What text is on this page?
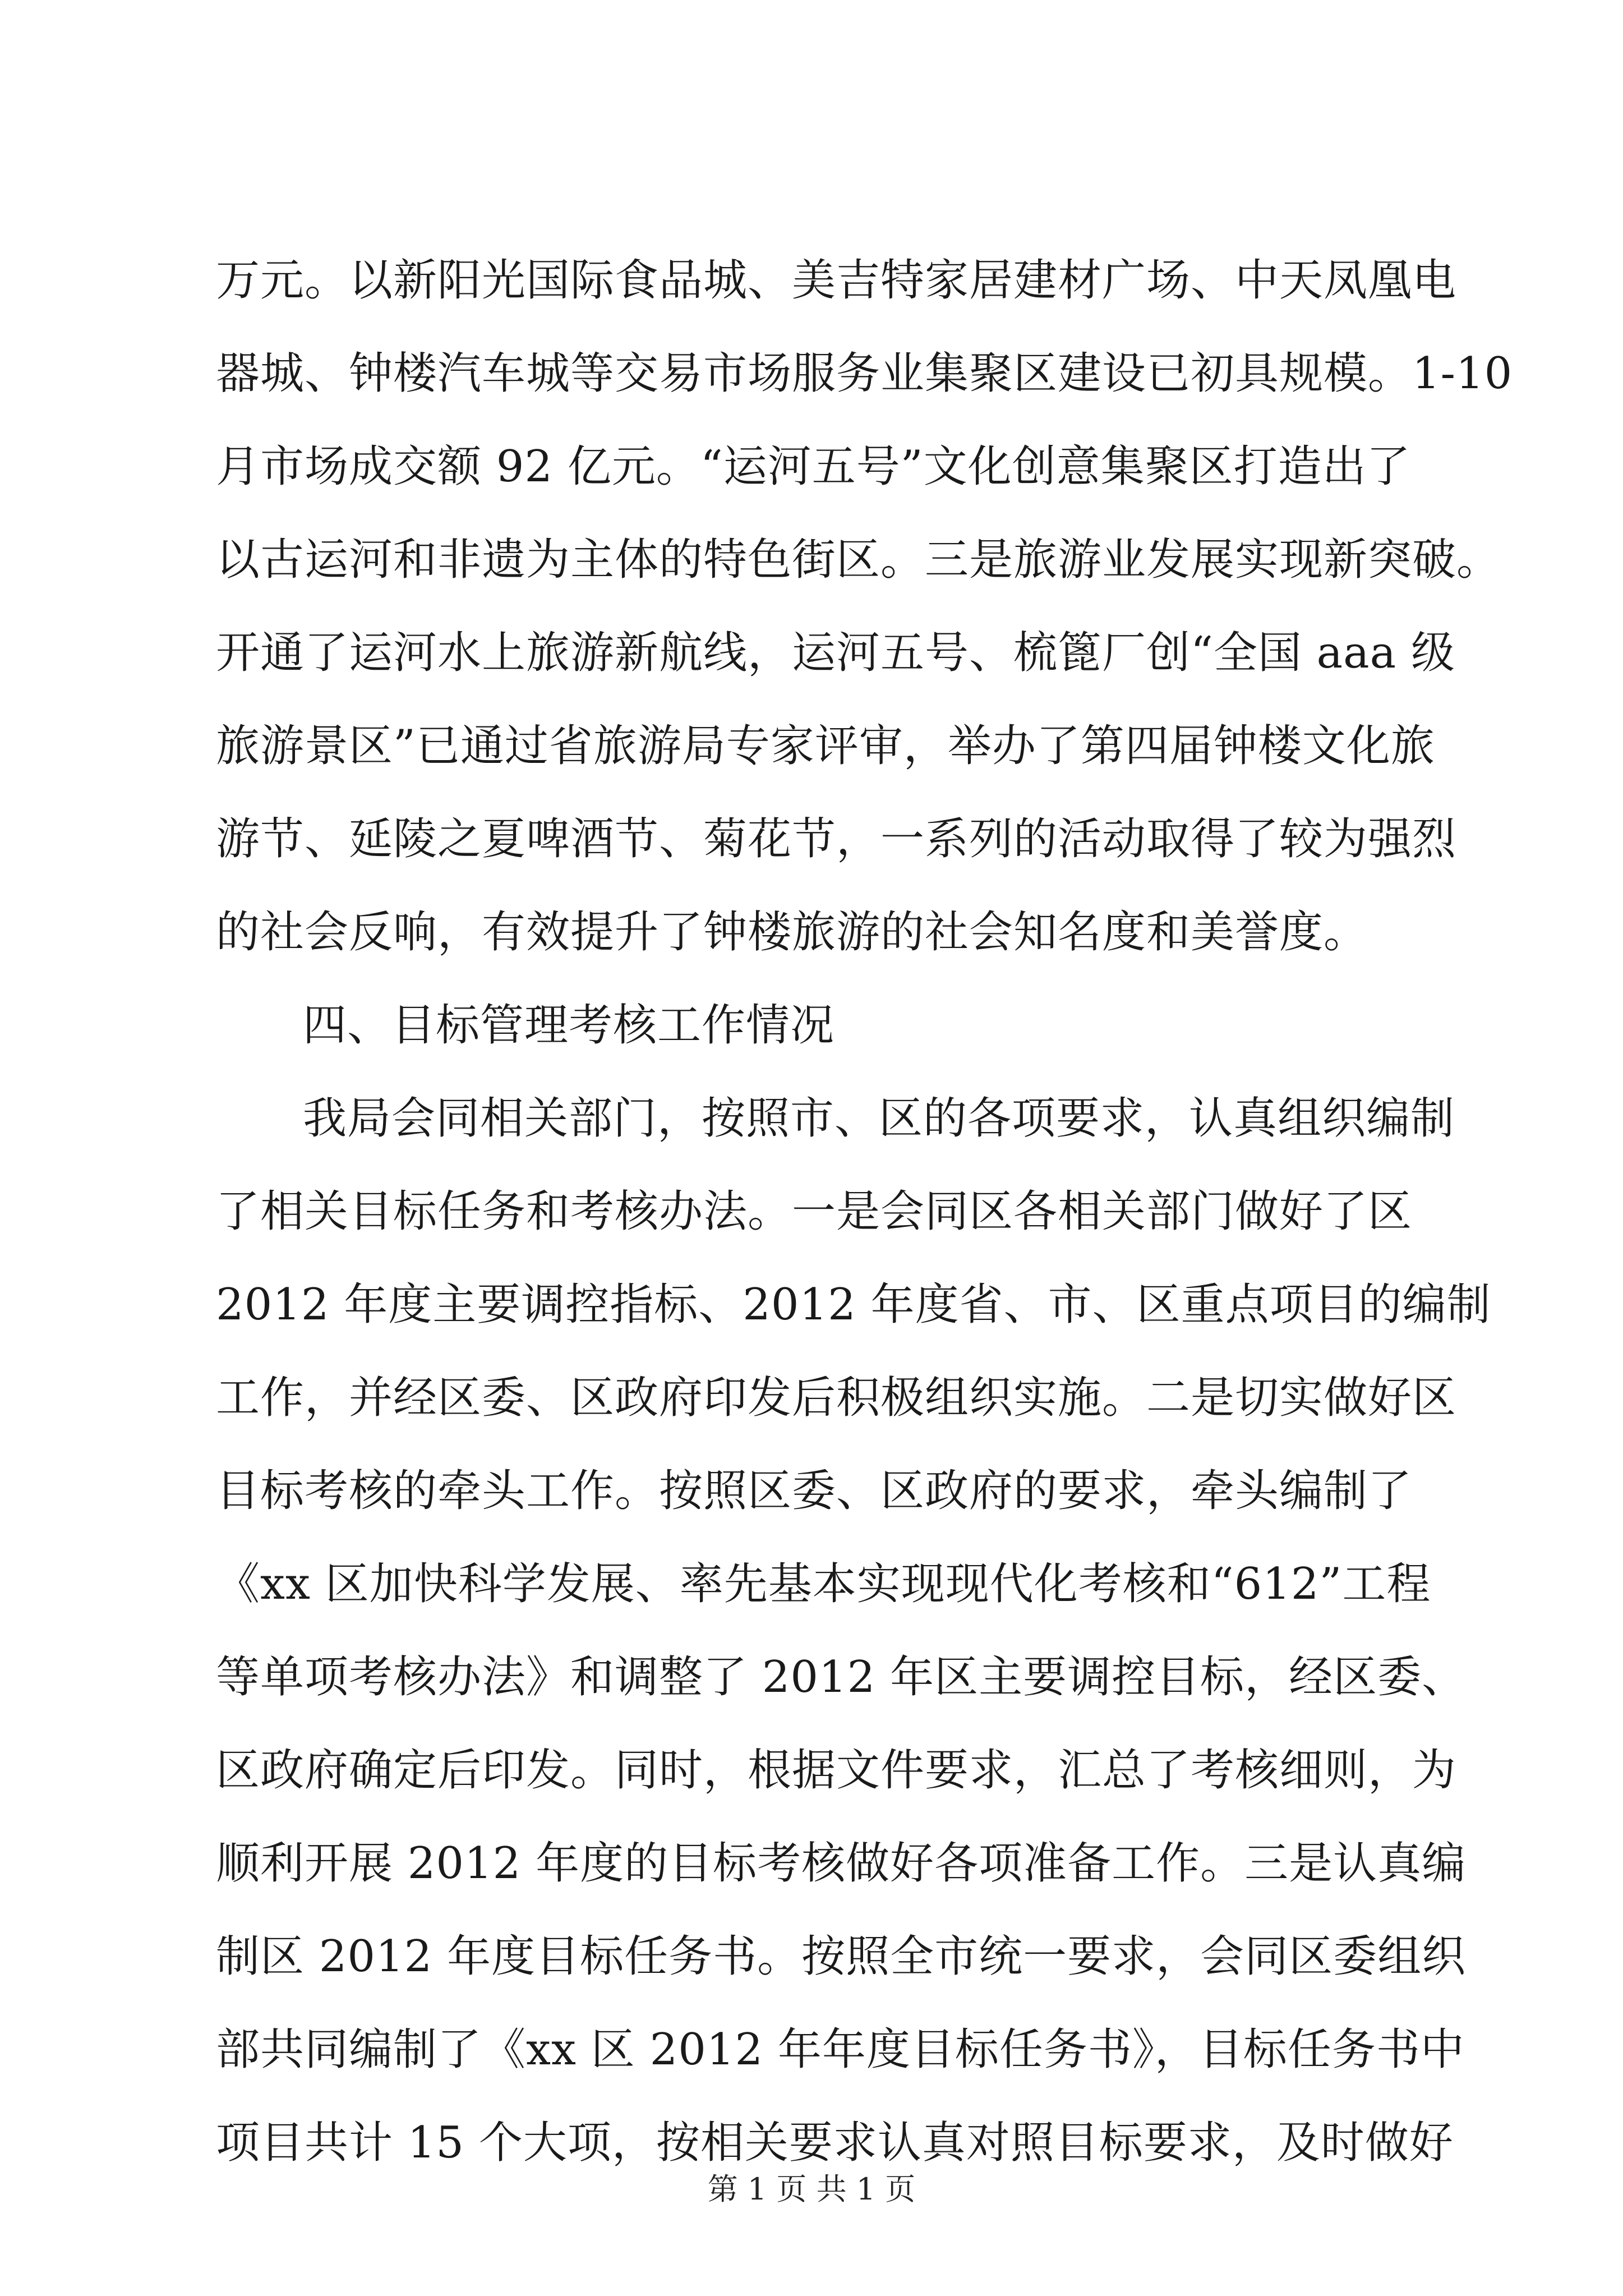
万元。以新阳光国际食品城、美吉特家居建材广场、中天凤凰电
器城、钟楼汽车城等交易市场服务业集聚区建设已初具规模。1-10
月市场成交额 92 亿元。“运河五号”文化创意集聚区打造出了
以古运河和非遗为主体的特色街区。三是旅游业发展实现新突破。
开通了运河水上旅游新航线，运河五号、梳篦厂创“全国 aaa 级
旅游景区”已通过省旅游局专家评审，举办了第四届钟楼文化旅
游节、延陵之夏啤酒节、菊花节，一系列的活动取得了较为强烈
的社会反响，有效提升了钟楼旅游的社会知名度和美誉度。
四、目标管理考核工作情况
我局会同相关部门，按照市、区的各项要求，认真组织编制
了相关目标任务和考核办法。一是会同区各相关部门做好了区
2012 年度主要调控指标、2012 年度省、市、区重点项目的编制
工作，并经区委、区政府印发后积极组织实施。二是切实做好区
目标考核的牵头工作。按照区委、区政府的要求，牵头编制了
《xx 区加快科学发展、率先基本实现现代化考核和“612”工程
等单项考核办法》和调整了 2012 年区主要调控目标，经区委、
区政府确定后印发。同时，根据文件要求，汇总了考核细则，为
顺利开展 2012 年度的目标考核做好各项准备工作。三是认真编
制区 2012 年度目标任务书。按照全市统一要求，会同区委组织
部共同编制了《xx 区 2012 年年度目标任务书》，目标任务书中
项目共计 15 个大项，按相关要求认真对照目标要求，及时做好
第 1 页 共 1 页
